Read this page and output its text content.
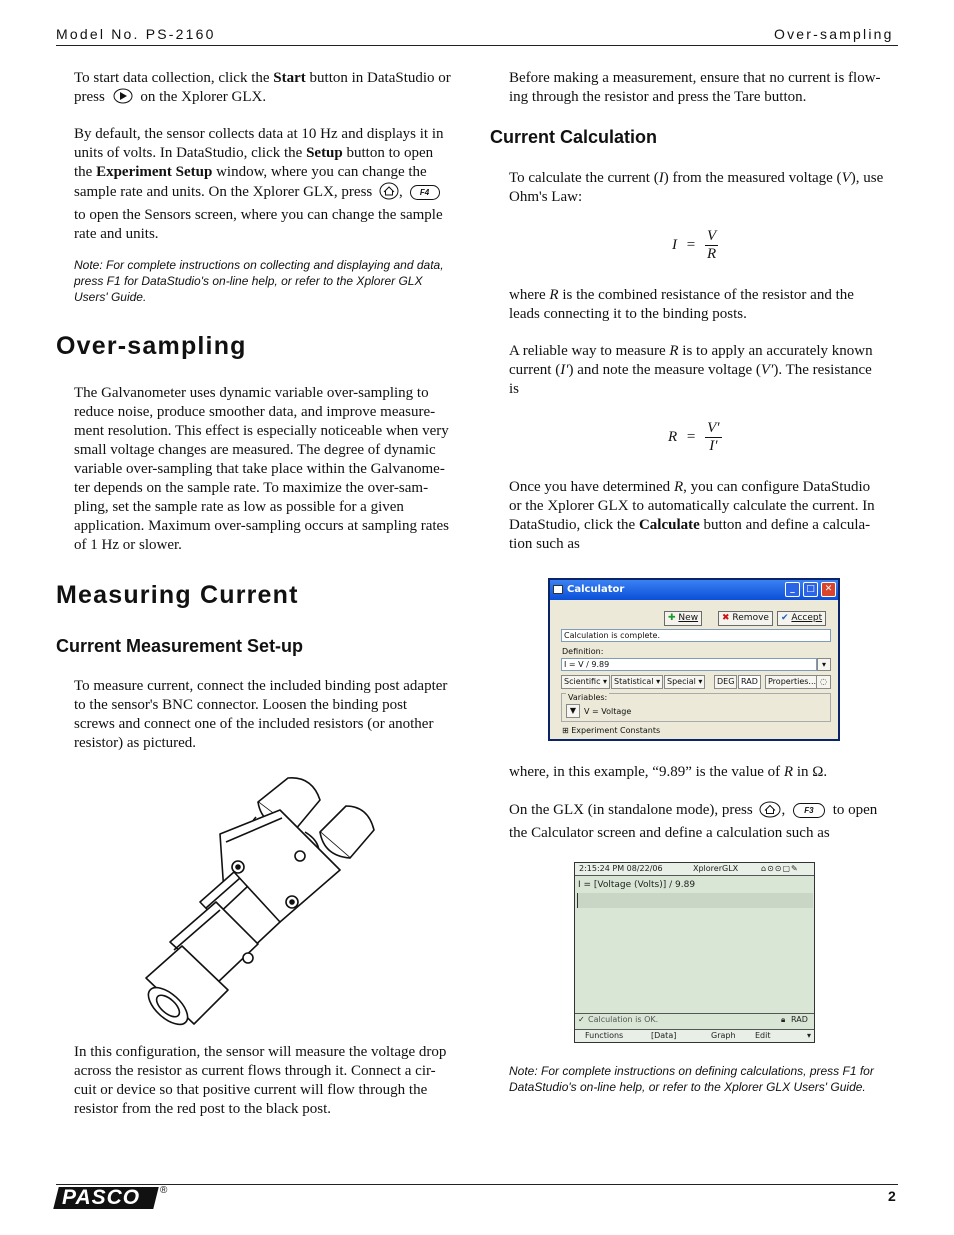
Model No. PS-2160	Over-sampling
To start data collection, click the Start button in DataStudio or
press on the Xplorer GLX.
By default, the sensor collects data at 10 Hz and displays it in
units of volts. In DataStudio, click the Setup button to open
the Experiment Setup window, where you can change the
sample rate and units. On the Xplorer GLX, press , F4
to open the Sensors screen, where you can change the sample
rate and units.
Note: For complete instructions on collecting and displaying and data,
press F1 for DataStudio's on-line help, or refer to the Xplorer GLX
Users' Guide.
Over-sampling
The Galvanometer uses dynamic variable over-sampling to
reduce noise, produce smoother data, and improve measure-
ment resolution. This effect is especially noticeable when very
small voltage changes are measured. The degree of dynamic
variable over-sampling that take place within the Galvanome-
ter depends on the sample rate. To maximize the over-sam-
pling, set the sample rate as low as possible for a given
application. Maximum over-sampling occurs at sampling rates
of 1 Hz or slower.
Measuring Current
Current Measurement Set-up
To measure current, connect the included binding post adapter
to the sensor's BNC connector. Loosen the binding post
screws and connect one of the included resistors (or another
resistor) as pictured.
In this configuration, the sensor will measure the voltage drop
across the resistor as current flows through it. Connect a cir-
cuit or device so that positive current will flow through the
resistor from the red post to the black post.
Before making a measurement, ensure that no current is flow-
ing through the resistor and press the Tare button.
Current Calculation
To calculate the current (I) from the measured voltage (V), use
Ohm's Law:
$I = \frac{V}{R}$
where R is the combined resistance of the resistor and the
leads connecting it to the binding posts.
A reliable way to measure R is to apply an accurately known
current (I′) and note the measure voltage (V′). The resistance
is
$R = \frac{V'}{I'}$
Once you have determined R, you can configure DataStudio
or the Xplorer GLX to automatically calculate the current. In
DataStudio, click the Calculate button and define a calcula-
tion such as
Calculator	_	□	✕
✚ New	✖ Remove	✔ Accept
Calculation is complete.
Definition:
I = V / 9.89	▾
Scientific ▾ Statistical ▾ Special ▾	DEG RAD	Properties... ◌
Variables:
▼ V = Voltage
⊞ Experiment Constants
where, in this example, “9.89” is the value of R in Ω.
On the GLX (in standalone mode), press , F3 to open
the Calculator screen and define a calculation such as
2:15:24 PM 08/22/06	XplorerGLX	⌂⊙⊙▢✎
I = [Voltage (Volts)] / 9.89
✓ Calculation is OK.	🔒︎ RAD
Functions	[Data]	Graph Edit	▾
Note: For complete instructions on defining calculations, press F1 for
DataStudio's on-line help, or refer to the Xplorer GLX Users' Guide.
PASCO ®	2
